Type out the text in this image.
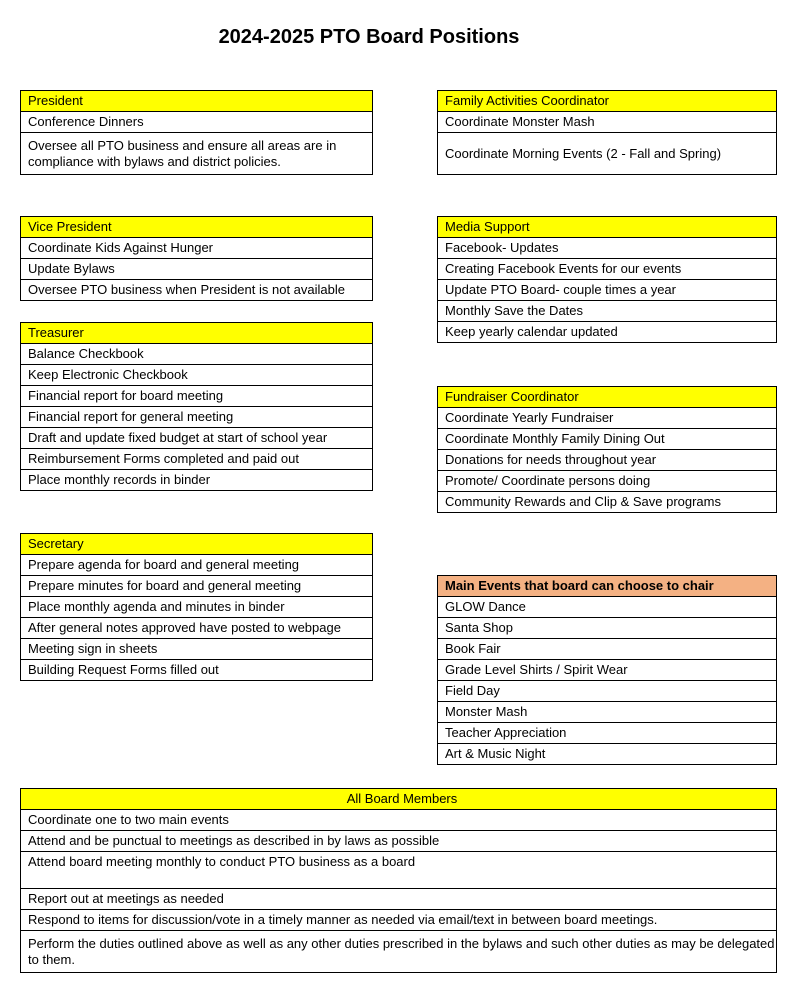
2024-2025 PTO Board Positions
President
Conference Dinners
Oversee all PTO business and ensure all areas are in compliance with bylaws and district policies.
Vice President
Coordinate Kids Against Hunger
Update Bylaws
Oversee PTO business when President is not available
Treasurer
Balance Checkbook
Keep Electronic Checkbook
Financial report for board meeting
Financial report for general meeting
Draft and update fixed budget at start of school year
Reimbursement Forms completed and paid out
Place monthly records in binder
Secretary
Prepare agenda for board and general meeting
Prepare minutes for board and general meeting
Place monthly agenda and minutes in binder
After general notes approved have posted to webpage
Meeting sign in sheets
Building Request Forms filled out
Family Activities Coordinator
Coordinate Monster Mash
Coordinate Morning Events (2 - Fall and Spring)
Media Support
Facebook- Updates
Creating Facebook Events for our events
Update PTO Board- couple times a year
Monthly Save the Dates
Keep yearly calendar updated
Fundraiser Coordinator
Coordinate Yearly Fundraiser
Coordinate Monthly Family Dining Out
Donations for needs throughout year
Promote/ Coordinate persons doing
Community Rewards and Clip & Save programs
Main Events that board can choose to chair
GLOW Dance
Santa Shop
Book Fair
Grade Level Shirts / Spirit Wear
Field Day
Monster Mash
Teacher Appreciation
Art & Music Night
All Board Members
Coordinate one to two main events
Attend and be punctual to meetings as described in by laws as possible
Attend board meeting monthly to conduct PTO business as a board
Report out at meetings as needed
Respond to items for discussion/vote in a timely manner as needed via email/text in between board meetings.
Perform the duties outlined above as well as any other duties prescribed in the bylaws and such other duties as may be delegated to them.
